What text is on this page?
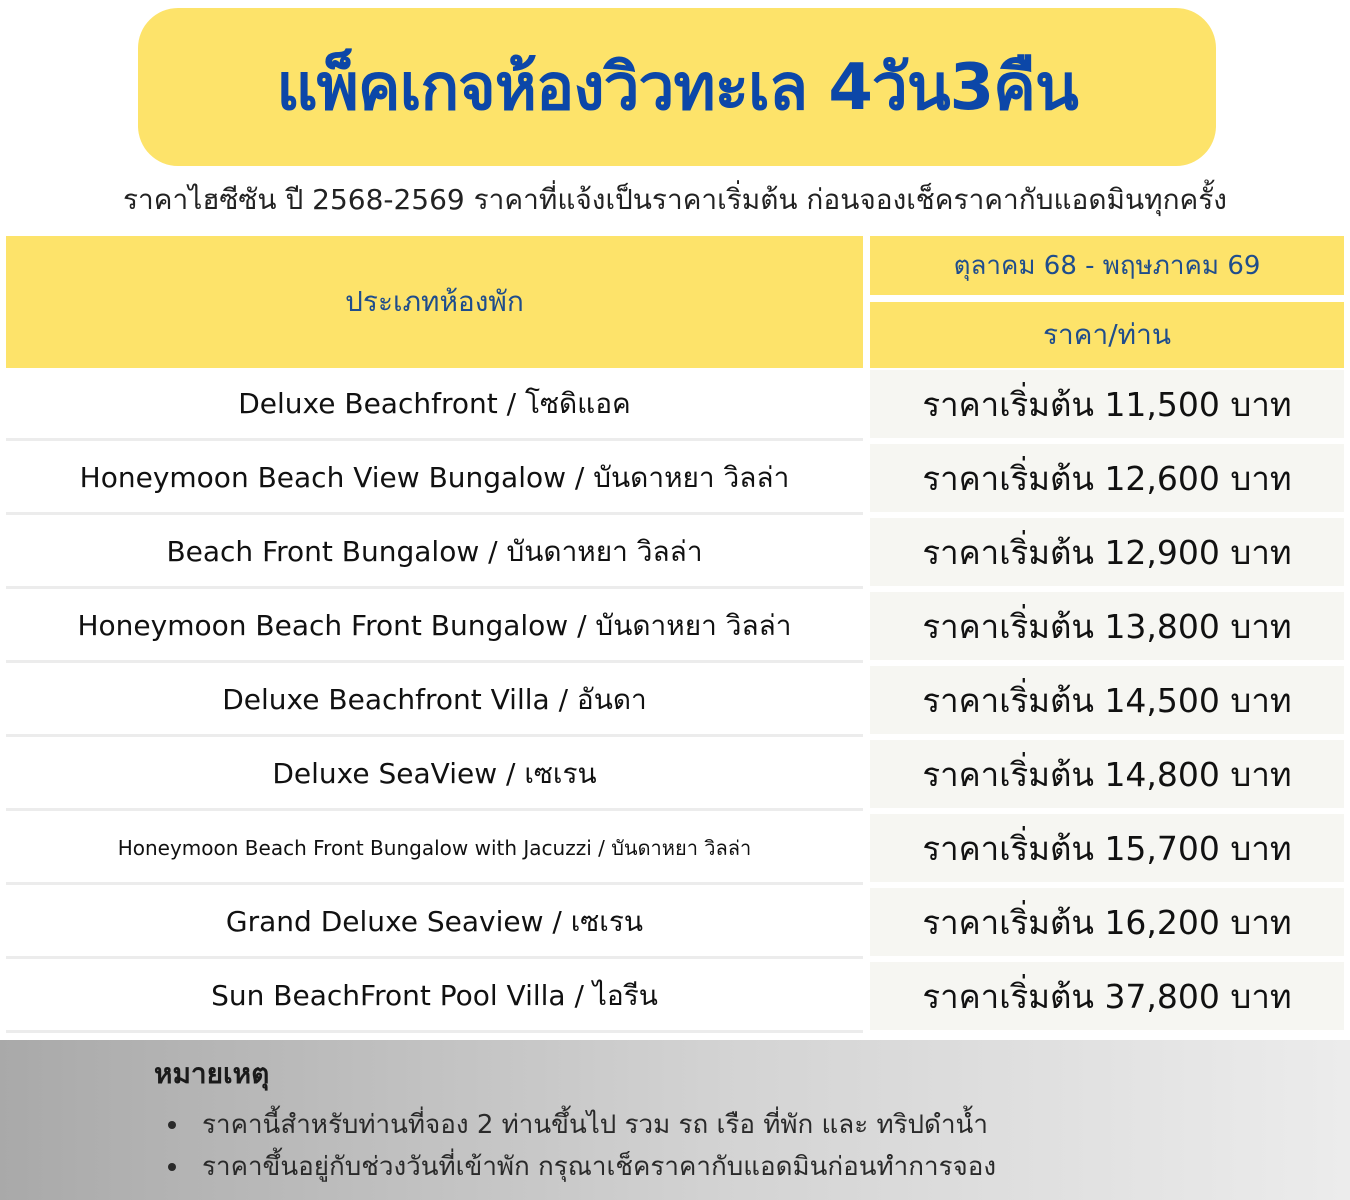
แพ็คเกจห้องวิวทะเล 4วัน3คืน
ราคาไฮซีซัน ปี 2568-2569 ราคาที่แจ้งเป็นราคาเริ่มต้น ก่อนจองเช็คราคากับแอดมินทุกครั้ง
ประเภทห้องพัก
ตุลาคม 68 - พฤษภาคม 69
ราคา/ท่าน
Deluxe Beachfront / โซดิแอค	ราคาเริ่มต้น 11,500 บาท
Honeymoon Beach View Bungalow / บันดาหยา วิลล่า	ราคาเริ่มต้น 12,600 บาท
Beach Front Bungalow / บันดาหยา วิลล่า	ราคาเริ่มต้น 12,900 บาท
Honeymoon Beach Front Bungalow / บันดาหยา วิลล่า	ราคาเริ่มต้น 13,800 บาท
Deluxe Beachfront Villa / อันดา	ราคาเริ่มต้น 14,500 บาท
Deluxe SeaView / เซเรน	ราคาเริ่มต้น 14,800 บาท
Honeymoon Beach Front Bungalow with Jacuzzi / บันดาหยา วิลล่า	ราคาเริ่มต้น 15,700 บาท
Grand Deluxe Seaview / เซเรน	ราคาเริ่มต้น 16,200 บาท
Sun BeachFront Pool Villa / ไอรีน	ราคาเริ่มต้น 37,800 บาท
หมายเหตุ
ราคานี้สำหรับท่านที่จอง 2 ท่านขึ้นไป รวม รถ เรือ ที่พัก และ ทริปดำน้ำ
ราคาขึ้นอยู่กับช่วงวันที่เข้าพัก กรุณาเช็คราคากับแอดมินก่อนทำการจอง
